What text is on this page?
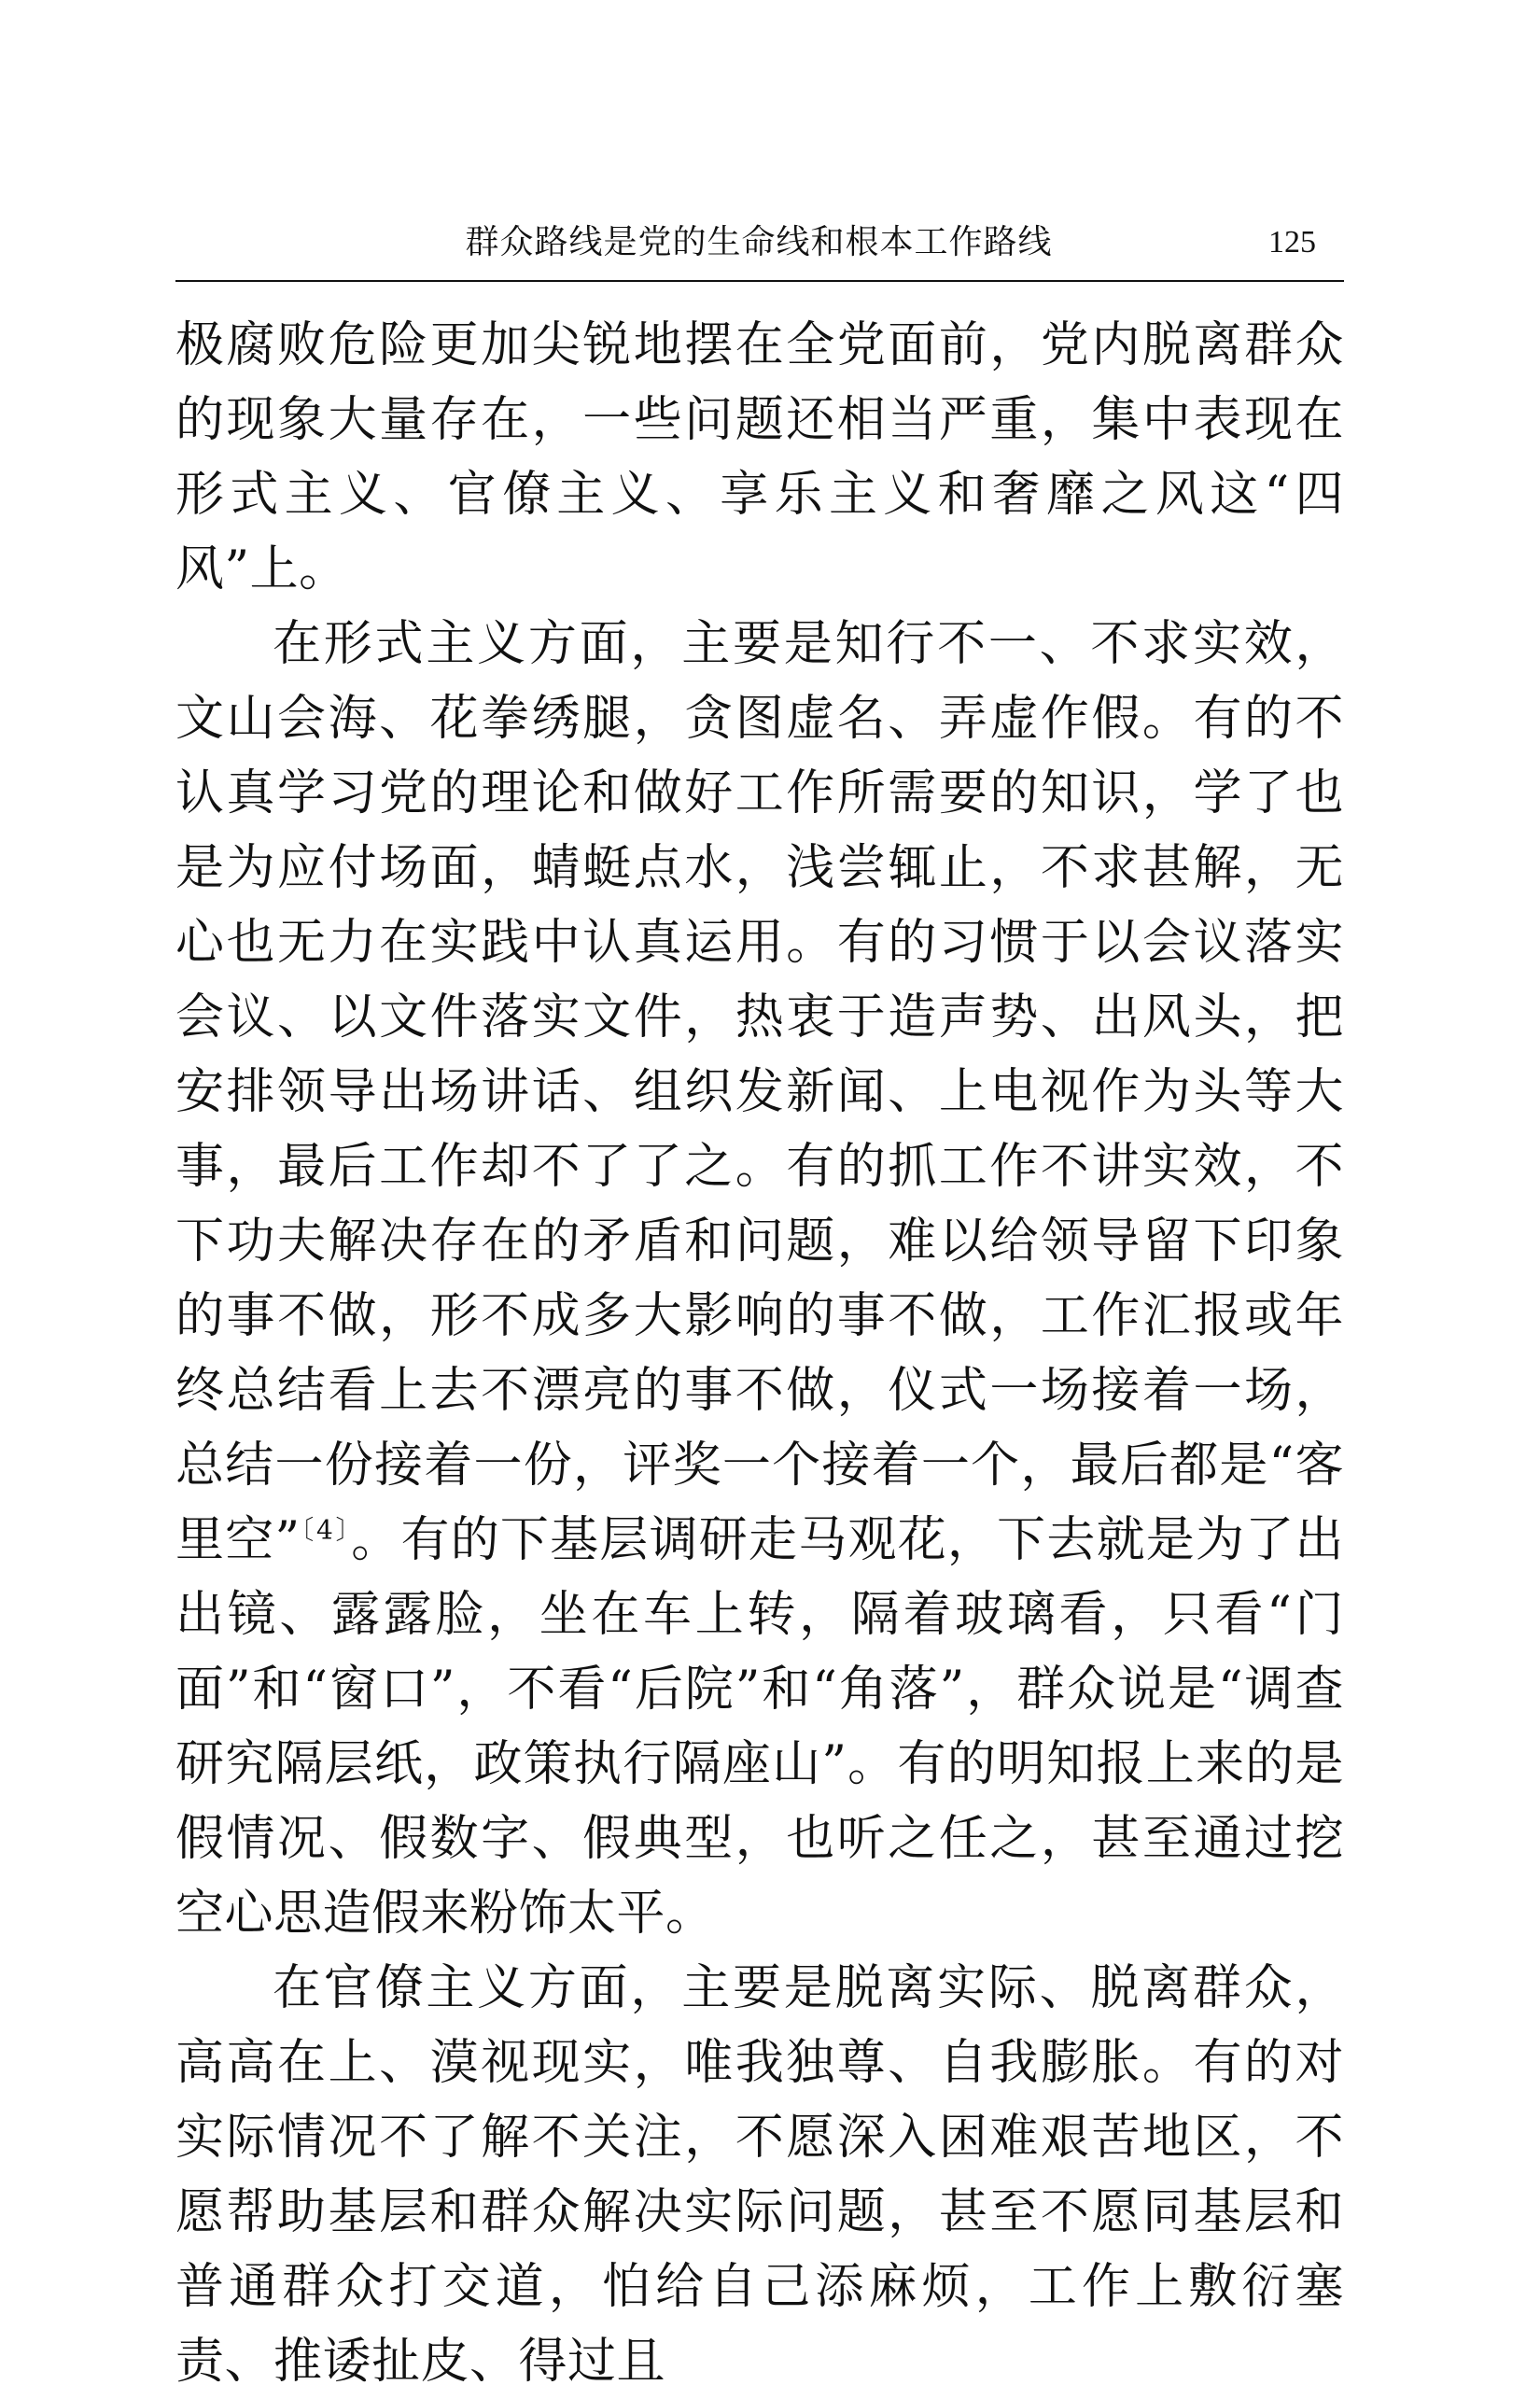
群众路线是党的生命线和根本工作路线	125

极腐败危险更加尖锐地摆在全党面前，党内脱离群众的现象大量存在，一些问题还相当严重，集中表现在形式主义、官僚主义、享乐主义和奢靡之风这“四风”上。

在形式主义方面，主要是知行不一、不求实效，文山会海、花拳绣腿，贪图虚名、弄虚作假。有的不认真学习党的理论和做好工作所需要的知识，学了也是为应付场面，蜻蜓点水，浅尝辄止，不求甚解，无心也无力在实践中认真运用。有的习惯于以会议落实会议、以文件落实文件，热衷于造声势、出风头，把安排领导出场讲话、组织发新闻、上电视作为头等大事，最后工作却不了了之。有的抓工作不讲实效，不下功夫解决存在的矛盾和问题，难以给领导留下印象的事不做，形不成多大影响的事不做，工作汇报或年终总结看上去不漂亮的事不做，仪式一场接着一场，总结一份接着一份，评奖一个接着一个，最后都是“客里空”$^{〔4〕}$。有的下基层调研走马观花，下去就是为了出出镜、露露脸，坐在车上转，隔着玻璃看，只看“门面”和“窗口”，不看“后院”和“角落”，群众说是“调查研究隔层纸，政策执行隔座山”。有的明知报上来的是假情况、假数字、假典型，也听之任之，甚至通过挖空心思造假来粉饰太平。

在官僚主义方面，主要是脱离实际、脱离群众，高高在上、漠视现实，唯我独尊、自我膨胀。有的对实际情况不了解不关注，不愿深入困难艰苦地区，不愿帮助基层和群众解决实际问题，甚至不愿同基层和普通群众打交道，怕给自己添麻烦，工作上敷衍塞责、推诿扯皮、得过且
